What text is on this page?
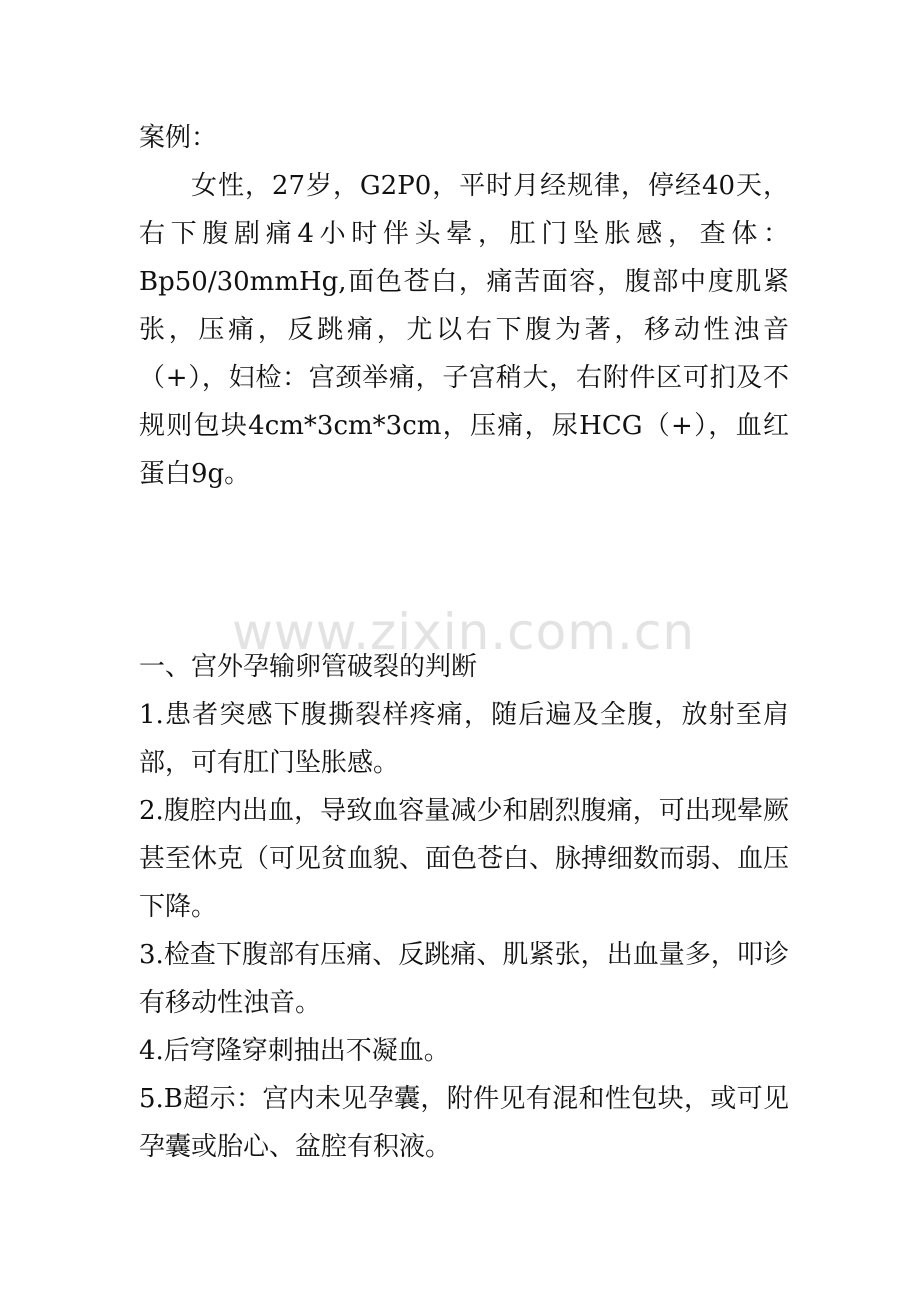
案例：

女性，27岁，G2P0，平时月经规律，停经40天，右下腹剧痛4小时伴头晕，肛门坠胀感，查体：Bp50/30mmHg,面色苍白，痛苦面容，腹部中度肌紧张，压痛，反跳痛，尤以右下腹为著，移动性浊音（+），妇检：宫颈举痛，子宫稍大，右附件区可扪及不规则包块4cm*3cm*3cm，压痛，尿HCG（+），血红蛋白9g。

一、宫外孕输卵管破裂的判断

1.患者突感下腹撕裂样疼痛，随后遍及全腹，放射至肩部，可有肛门坠胀感。

2.腹腔内出血，导致血容量减少和剧烈腹痛，可出现晕厥甚至休克（可见贫血貌、面色苍白、脉搏细数而弱、血压下降。

3.检查下腹部有压痛、反跳痛、肌紧张，出血量多，叩诊有移动性浊音。

4.后穹隆穿刺抽出不凝血。

5.B超示：宫内未见孕囊，附件见有混和性包块，或可见孕囊或胎心、盆腔有积液。

www.zixin.com.cn
